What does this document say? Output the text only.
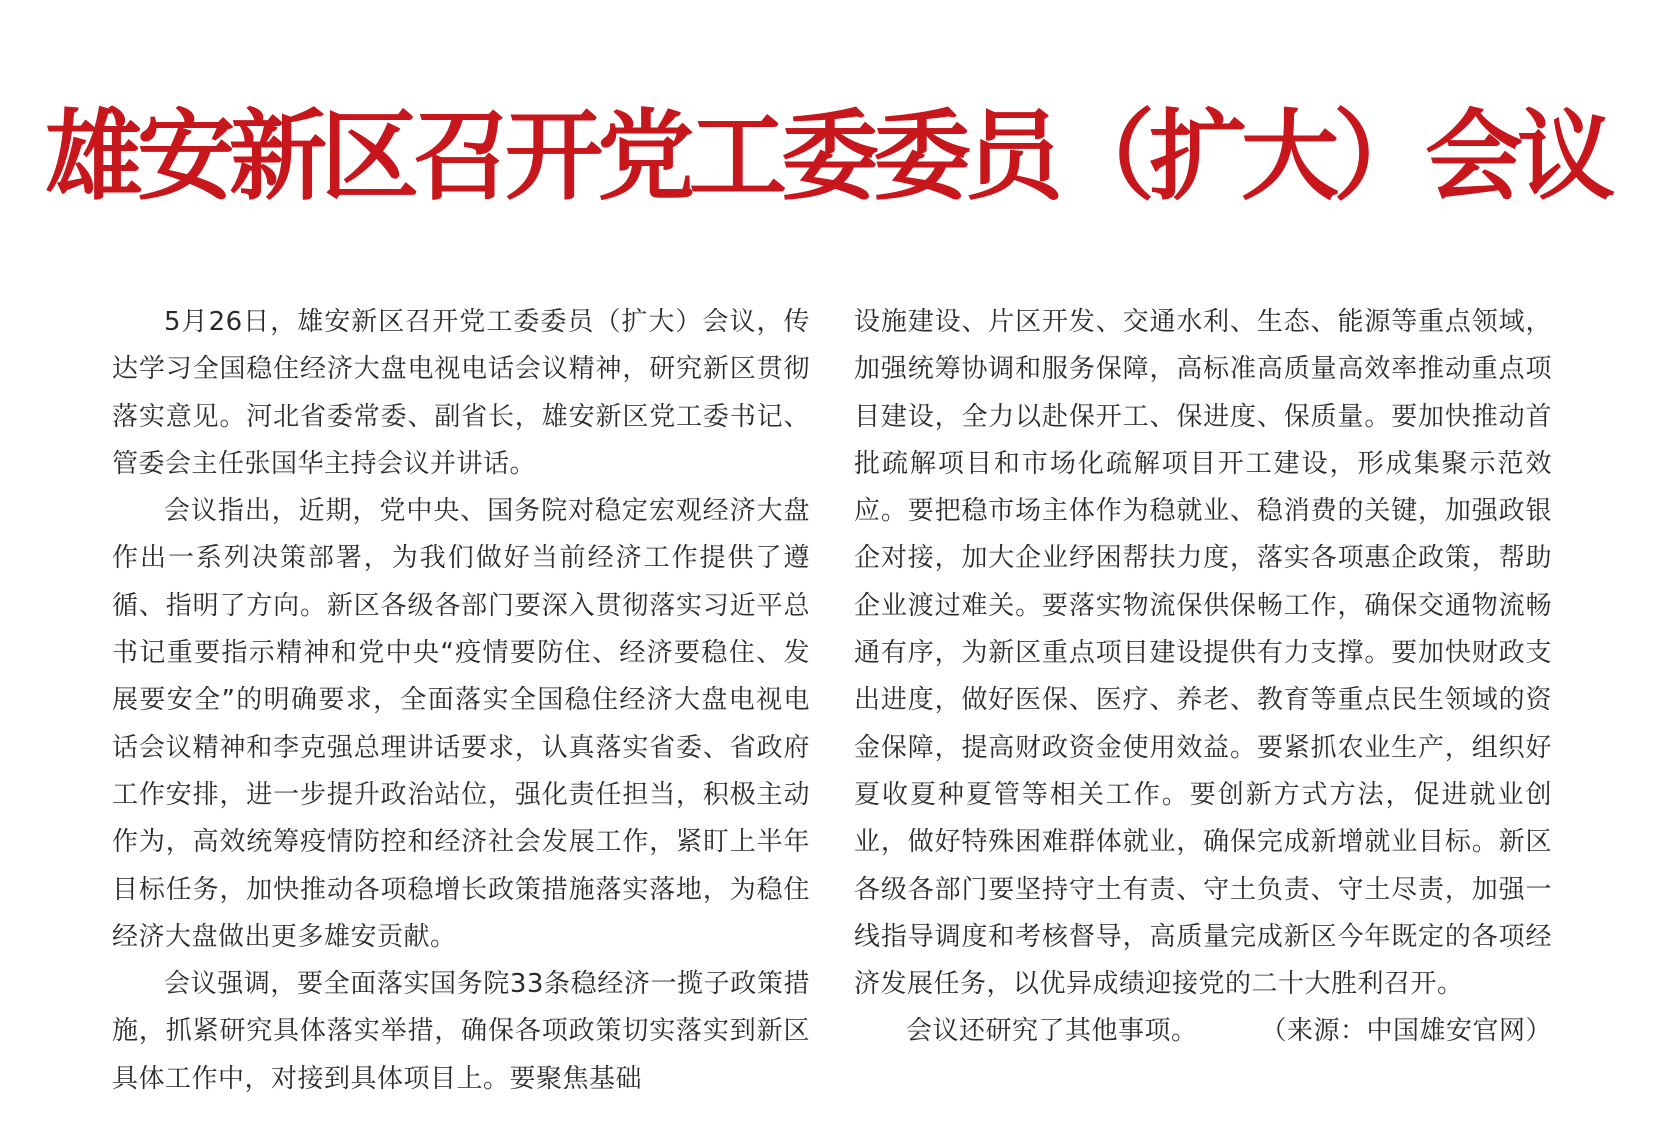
雄安新区召开党工委委员（扩大）会议

5月26日，雄安新区召开党工委委员（扩大）会议，传达学习全国稳住经济大盘电视电话会议精神，研究新区贯彻落实意见。河北省委常委、副省长，雄安新区党工委书记、管委会主任张国华主持会议并讲话。

会议指出，近期，党中央、国务院对稳定宏观经济大盘作出一系列决策部署，为我们做好当前经济工作提供了遵循、指明了方向。新区各级各部门要深入贯彻落实习近平总书记重要指示精神和党中央“疫情要防住、经济要稳住、发展要安全”的明确要求，全面落实全国稳住经济大盘电视电话会议精神和李克强总理讲话要求，认真落实省委、省政府工作安排，进一步提升政治站位，强化责任担当，积极主动作为，高效统筹疫情防控和经济社会发展工作，紧盯上半年目标任务，加快推动各项稳增长政策措施落实落地，为稳住经济大盘做出更多雄安贡献。

会议强调，要全面落实国务院33条稳经济一揽子政策措施，抓紧研究具体落实举措，确保各项政策切实落实到新区具体工作中，对接到具体项目上。要聚焦基础

设施建设、片区开发、交通水利、生态、能源等重点领域，加强统筹协调和服务保障，高标准高质量高效率推动重点项目建设，全力以赴保开工、保进度、保质量。要加快推动首批疏解项目和市场化疏解项目开工建设，形成集聚示范效应。要把稳市场主体作为稳就业、稳消费的关键，加强政银企对接，加大企业纾困帮扶力度，落实各项惠企政策，帮助企业渡过难关。要落实物流保供保畅工作，确保交通物流畅通有序，为新区重点项目建设提供有力支撑。要加快财政支出进度，做好医保、医疗、养老、教育等重点民生领域的资金保障，提高财政资金使用效益。要紧抓农业生产，组织好夏收夏种夏管等相关工作。要创新方式方法，促进就业创业，做好特殊困难群体就业，确保完成新增就业目标。新区各级各部门要坚持守土有责、守土负责、守土尽责，加强一线指导调度和考核督导，高质量完成新区今年既定的各项经济发展任务，以优异成绩迎接党的二十大胜利召开。

会议还研究了其他事项。 （来源：中国雄安官网）
